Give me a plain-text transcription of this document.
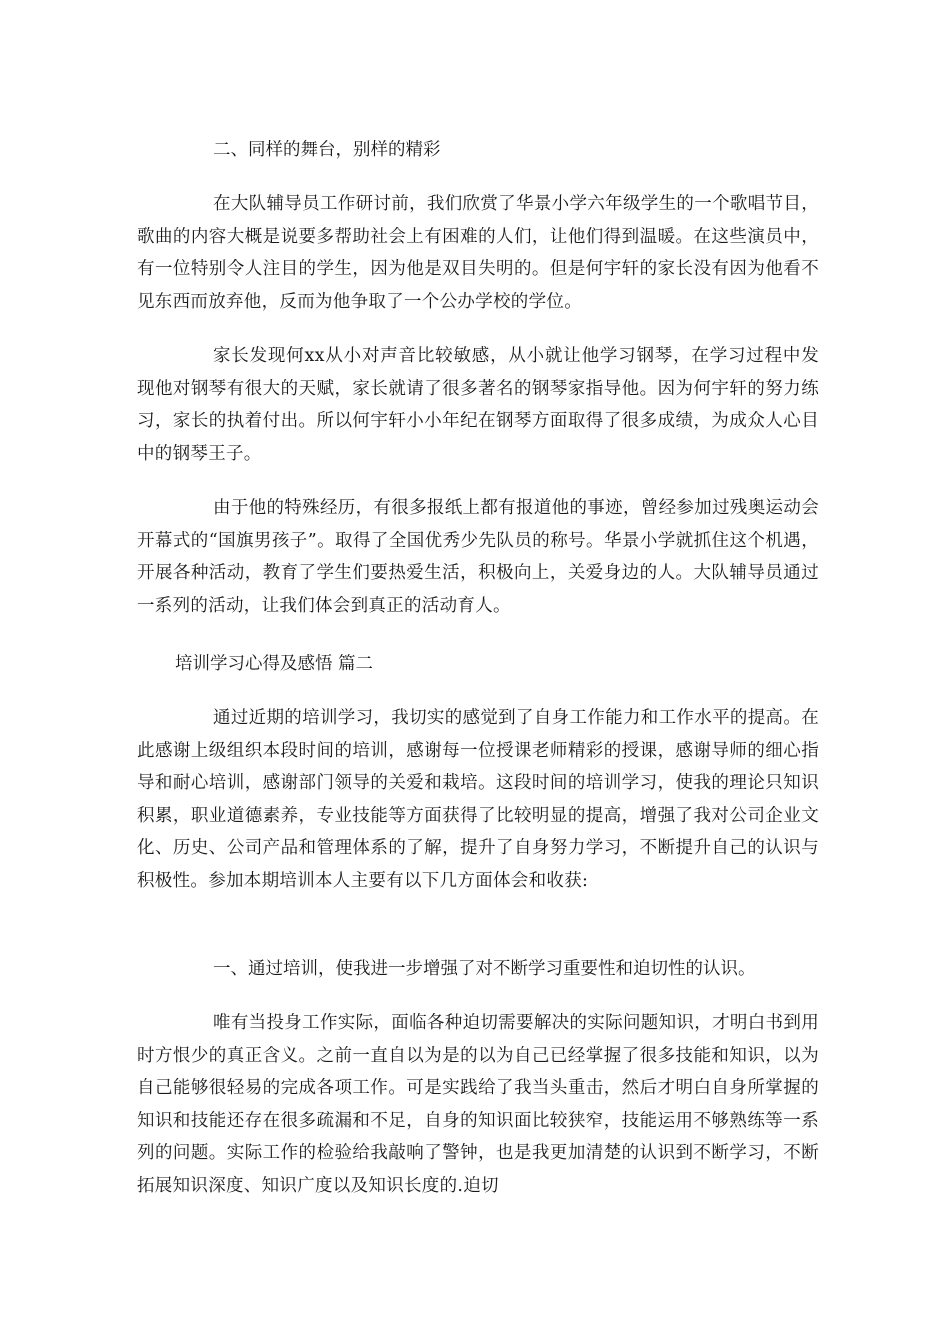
二、同样的舞台，别样的精彩

在大队辅导员工作研讨前，我们欣赏了华景小学六年级学生的一个歌唱节目，歌曲的内容大概是说要多帮助社会上有困难的人们，让他们得到温暖。在这些演员中，有一位特别令人注目的学生，因为他是双目失明的。但是何宇轩的家长没有因为他看不见东西而放弃他，反而为他争取了一个公办学校的学位。

家长发现何xx从小对声音比较敏感，从小就让他学习钢琴，在学习过程中发现他对钢琴有很大的天赋，家长就请了很多著名的钢琴家指导他。因为何宇轩的努力练习，家长的执着付出。所以何宇轩小小年纪在钢琴方面取得了很多成绩，为成众人心目中的钢琴王子。

由于他的特殊经历，有很多报纸上都有报道他的事迹，曾经参加过残奥运动会开幕式的“国旗男孩子”。取得了全国优秀少先队员的称号。华景小学就抓住这个机遇，开展各种活动，教育了学生们要热爱生活，积极向上，关爱身边的人。大队辅导员通过一系列的活动，让我们体会到真正的活动育人。

培训学习心得及感悟 篇二

通过近期的培训学习，我切实的感觉到了自身工作能力和工作水平的提高。在此感谢上级组织本段时间的培训，感谢每一位授课老师精彩的授课，感谢导师的细心指导和耐心培训，感谢部门领导的关爱和栽培。这段时间的培训学习，使我的理论只知识积累，职业道德素养，专业技能等方面获得了比较明显的提高，增强了我对公司企业文化、历史、公司产品和管理体系的了解，提升了自身努力学习，不断提升自己的认识与积极性。参加本期培训本人主要有以下几方面体会和收获:

一、通过培训，使我进一步增强了对不断学习重要性和迫切性的认识。

唯有当投身工作实际，面临各种迫切需要解决的实际问题知识，才明白书到用时方恨少的真正含义。之前一直自以为是的以为自己已经掌握了很多技能和知识，以为自己能够很轻易的完成各项工作。可是实践给了我当头重击，然后才明白自身所掌握的知识和技能还存在很多疏漏和不足，自身的知识面比较狭窄，技能运用不够熟练等一系列的问题。实际工作的检验给我敲响了警钟，也是我更加清楚的认识到不断学习，不断拓展知识深度、知识广度以及知识长度的.迫切
